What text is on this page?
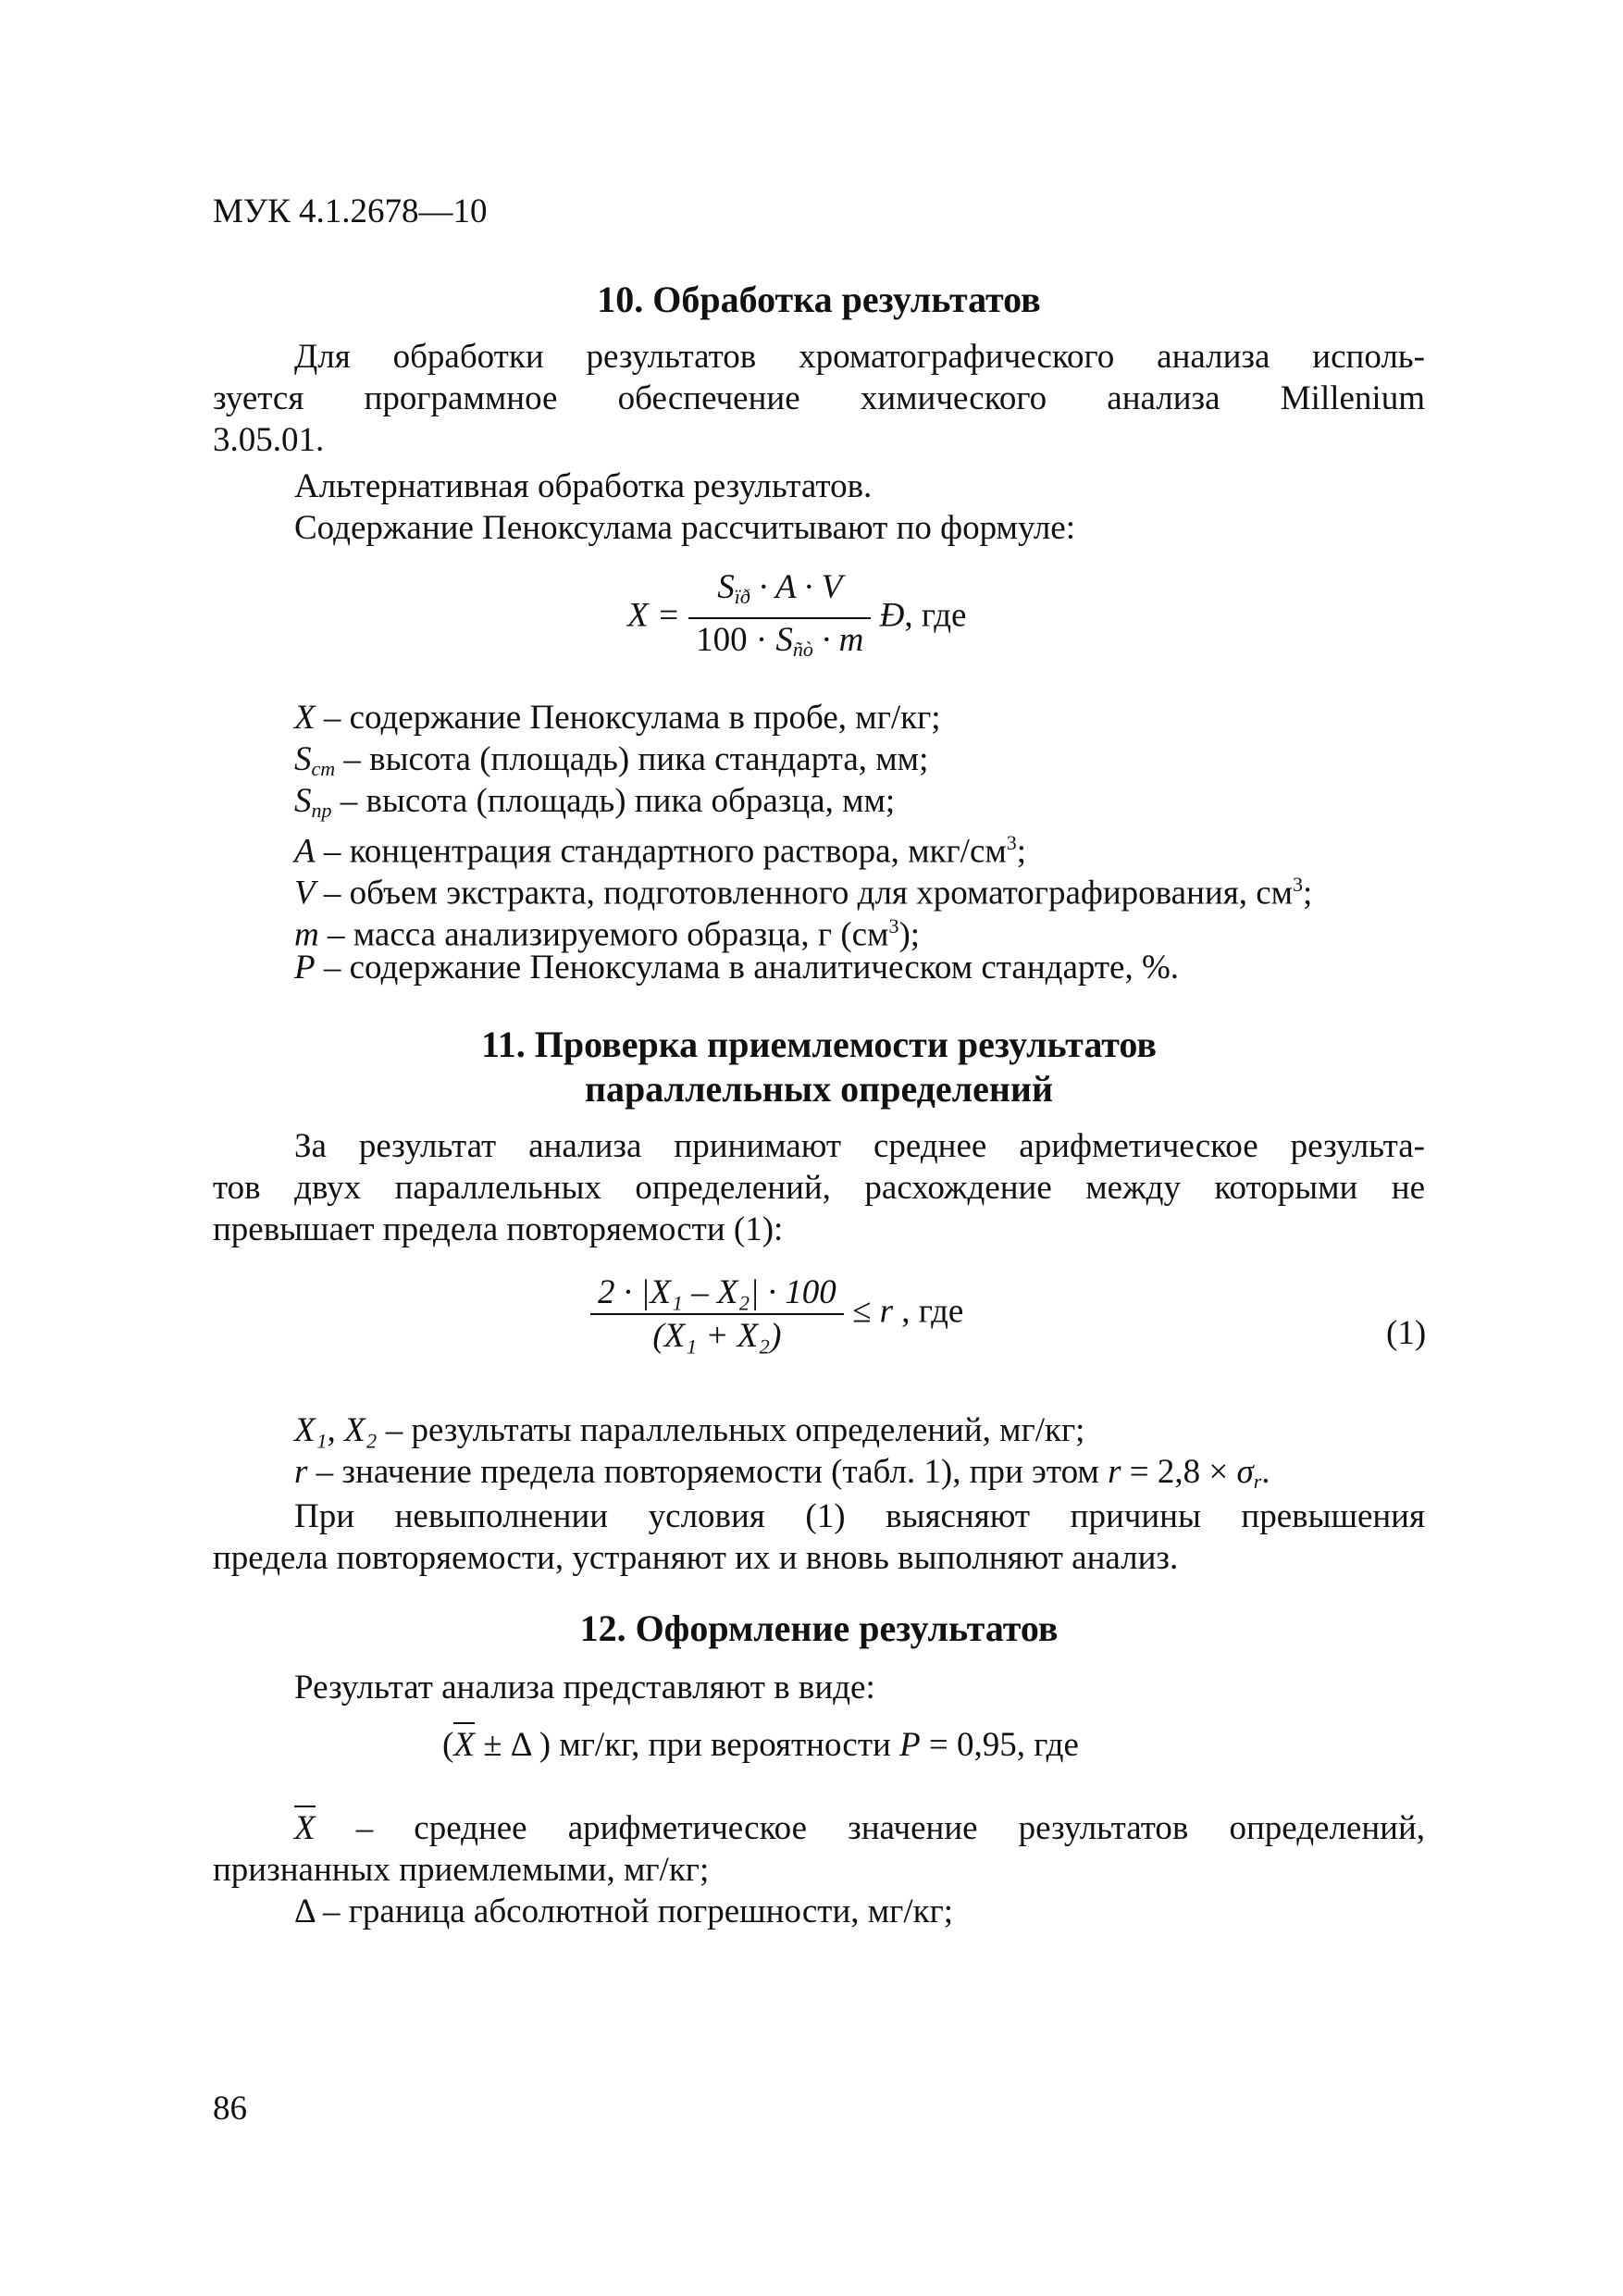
МУК 4.1.2678—10
10. Обработка результатов
Для обработки результатов хроматографического анализа исполь-
зуется программное обеспечение химического анализа Millenium
3.05.01.
Альтернативная обработка результатов.
Содержание Пеноксулама рассчитывают по формуле:
$X = \frac{S_{ïð} \cdot A \cdot V}{100 \cdot S_{ñò} \cdot m}$ Ð, где
X – содержание Пеноксулама в пробе, мг/кг;
$S_{ст}$ – высота (площадь) пика стандарта, мм;
$S_{пр}$ – высота (площадь) пика образца, мм;
A – концентрация стандартного раствора, мкг/$см^3$;
V – объем экстракта, подготовленного для хроматографирования, $см^3$;
m – масса анализируемого образца, г $(см^3)$;
P – содержание Пеноксулама в аналитическом стандарте, %.
11. Проверка приемлемости результатов
параллельных определений
За результат анализа принимают среднее арифметическое результа-
тов двух параллельных определений, расхождение между которыми не
превышает предела повторяемости (1):
$\frac{\text{2 · |X₁ – X₂| · 100}}{\text{(X₁ + X₂)}} \le r$ , где
(1)
X₁, X₂ – результаты параллельных определений, мг/кг;
r – значение предела повторяемости (табл. 1), при этом $r = 2,8 \times \sigma_r$.
При невыполнении условия (1) выясняют причины превышения
предела повторяемости, устраняют их и вновь выполняют анализ.
12. Оформление результатов
Результат анализа представляют в виде:
(X ± Δ ) мг/кг, при вероятности P = 0,95, где
X – среднее арифметическое значение результатов определений,
признанных приемлемыми, мг/кг;
Δ – граница абсолютной погрешности, мг/кг;
86
